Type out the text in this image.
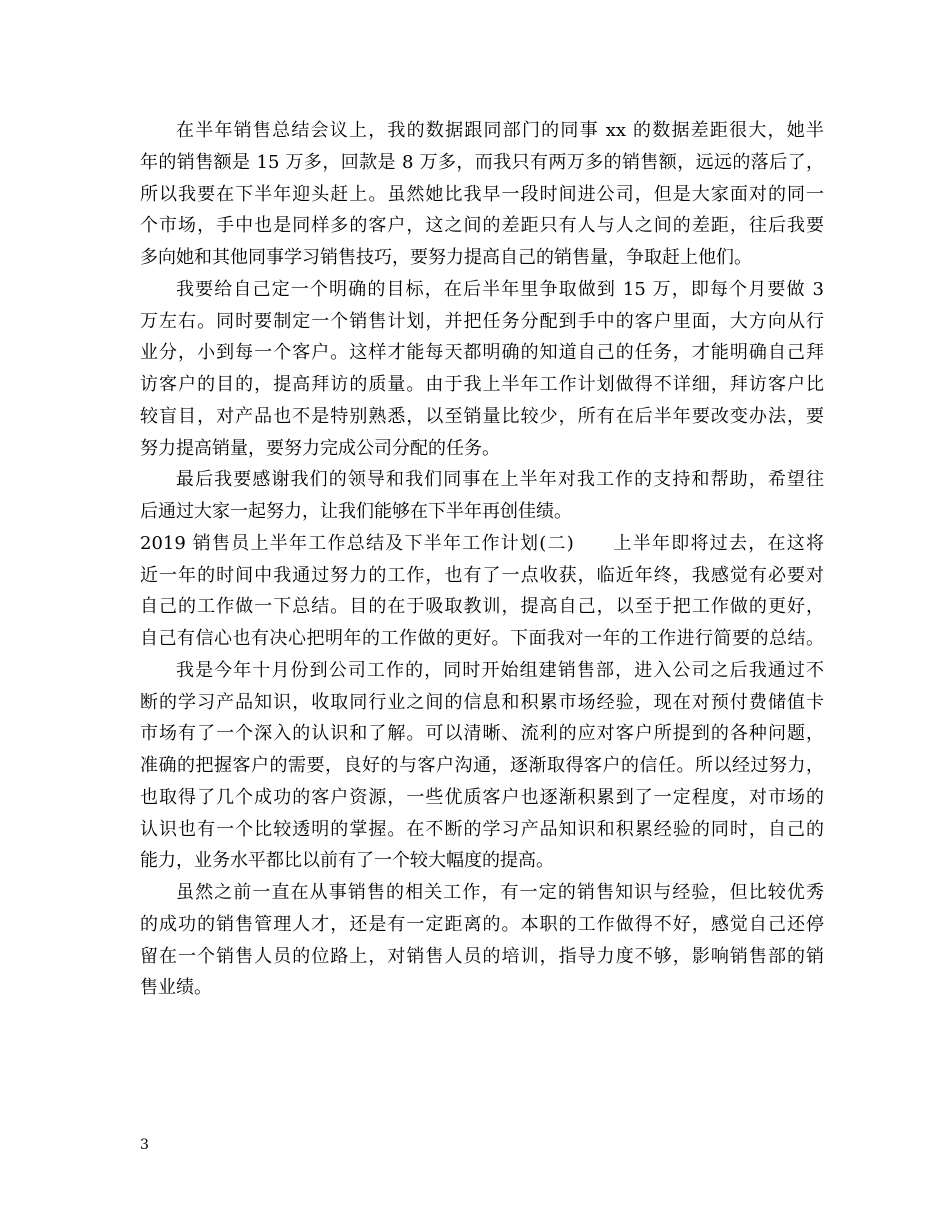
在半年销售总结会议上，我的数据跟同部门的同事 xx 的数据差距很大，她半
年的销售额是 15 万多，回款是 8 万多，而我只有两万多的销售额，远远的落后了，
所以我要在下半年迎头赶上。虽然她比我早一段时间进公司，但是大家面对的同一
个市场，手中也是同样多的客户，这之间的差距只有人与人之间的差距，往后我要
多向她和其他同事学习销售技巧，要努力提高自己的销售量，争取赶上他们。
我要给自己定一个明确的目标，在后半年里争取做到 15 万，即每个月要做 3
万左右。同时要制定一个销售计划，并把任务分配到手中的客户里面，大方向从行
业分，小到每一个客户。这样才能每天都明确的知道自己的任务，才能明确自己拜
访客户的目的，提高拜访的质量。由于我上半年工作计划做得不详细，拜访客户比
较盲目，对产品也不是特别熟悉，以至销量比较少，所有在后半年要改变办法，要
努力提高销量，要努力完成公司分配的任务。
最后我要感谢我们的领导和我们同事在上半年对我工作的支持和帮助，希望往
后通过大家一起努力，让我们能够在下半年再创佳绩。
2019 销售员上半年工作总结及下半年工作计划(二)　　上半年即将过去，在这将
近一年的时间中我通过努力的工作，也有了一点收获，临近年终，我感觉有必要对
自己的工作做一下总结。目的在于吸取教训，提高自己，以至于把工作做的更好，
自己有信心也有决心把明年的工作做的更好。下面我对一年的工作进行简要的总结。
我是今年十月份到公司工作的，同时开始组建销售部，进入公司之后我通过不
断的学习产品知识，收取同行业之间的信息和积累市场经验，现在对预付费储值卡
市场有了一个深入的认识和了解。可以清晰、流利的应对客户所提到的各种问题，
准确的把握客户的需要，良好的与客户沟通，逐渐取得客户的信任。所以经过努力，
也取得了几个成功的客户资源，一些优质客户也逐渐积累到了一定程度，对市场的
认识也有一个比较透明的掌握。在不断的学习产品知识和积累经验的同时，自己的
能力，业务水平都比以前有了一个较大幅度的提高。
虽然之前一直在从事销售的相关工作，有一定的销售知识与经验，但比较优秀
的成功的销售管理人才，还是有一定距离的。本职的工作做得不好，感觉自己还停
留在一个销售人员的位路上，对销售人员的培训，指导力度不够，影响销售部的销
售业绩。
3
